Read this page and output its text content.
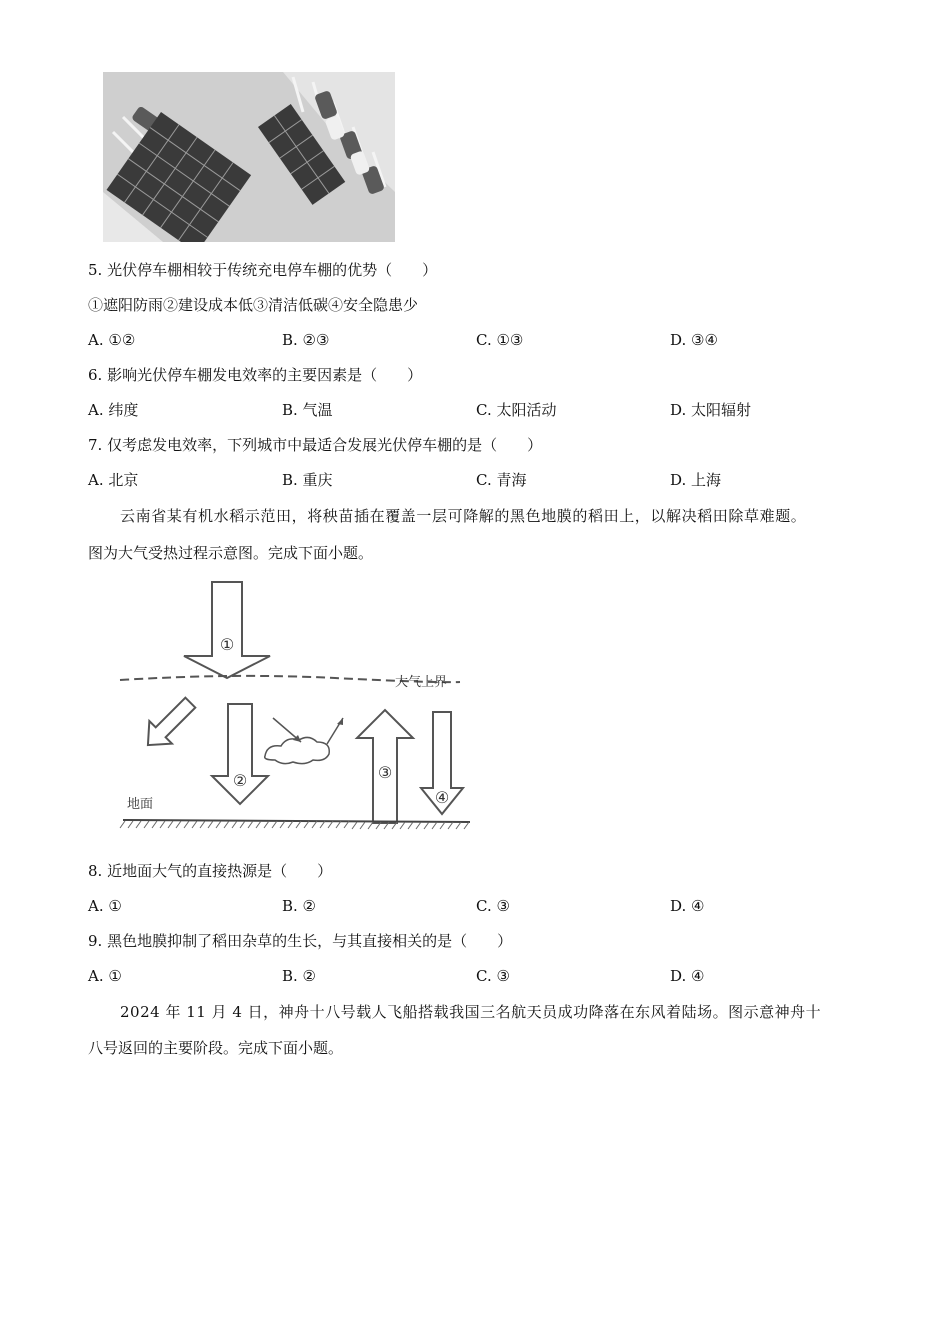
5. 光伏停车棚相较于传统充电停车棚的优势（　　）
①遮阳防雨②建设成本低③清洁低碳④安全隐患少
A. ①②	B. ②③	C. ①③	D. ③④
6. 影响光伏停车棚发电效率的主要因素是（　　）
A. 纬度	B. 气温	C. 太阳活动	D. 太阳辐射
7. 仅考虑发电效率，下列城市中最适合发展光伏停车棚的是（　　）
A. 北京	B. 重庆	C. 青海	D. 上海
云南省某有机水稻示范田，将秧苗插在覆盖一层可降解的黑色地膜的稻田上，以解决稻田除草难题。
图为大气受热过程示意图。完成下面小题。
①
大气上界
②	③
④
地面
8. 近地面大气的直接热源是（　　）
A. ①	B. ②	C. ③	D. ④
9. 黑色地膜抑制了稻田杂草的生长，与其直接相关的是（　　）
A. ①	B. ②	C. ③	D. ④
2024 年 11 月 4 日，神舟十八号载人飞船搭载我国三名航天员成功降落在东风着陆场。图示意神舟十
八号返回的主要阶段。完成下面小题。
